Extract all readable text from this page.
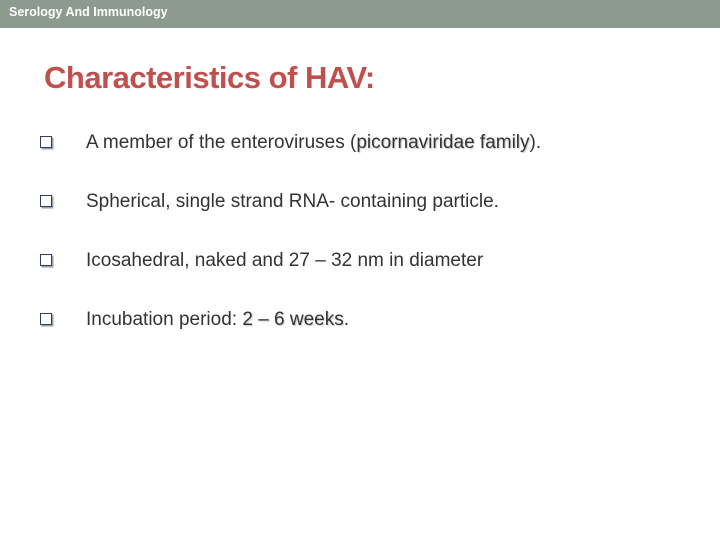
Serology And Immunology
Characteristics of HAV:
A member of the enteroviruses (picornaviridae family).
Spherical, single strand RNA- containing particle.
Icosahedral, naked and 27 – 32 nm in diameter
Incubation period: 2 – 6 weeks.
